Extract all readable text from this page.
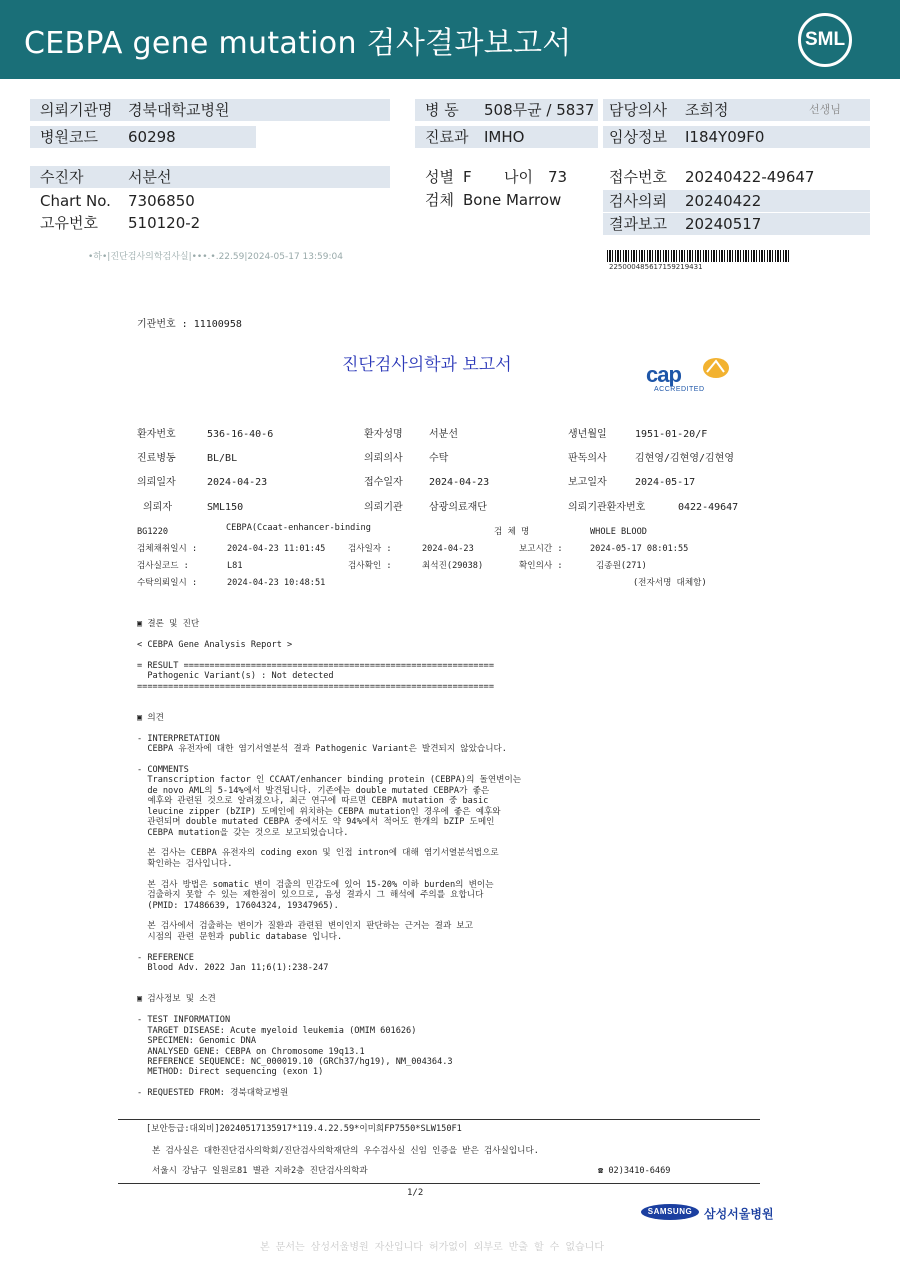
CEBPA gene mutation 검사결과보고서	SML
의뢰기관명 경북대학교병원	병 동 508무균 / 5837 담당의사 조희정	선생님
병원코드 60298	진료과 IMHO	임상정보 I184Y09F0
수진자	서분선	성별 F 나이 73	접수번호 20240422-49647
Chart No. 7306850	검체 Bone Marrow	검사의뢰 20240422
고유번호 510120-2	결과보고 20240517
•하•|진단검사의학검사실|•••.•.22.59|2024-05-17 13:59:04
225000485617159219431
기관번호 : 11100958
진단검사의학과 보고서	cap
ACCREDITED
환자번호	536-16-40-6	환자성명	서분선	생년월일	1951-01-20/F
진료병동	BL/BL	의뢰의사	수탁	판독의사	김현영/김현영/김현영
의뢰일자	2024-04-23	접수일자	2024-04-23	보고일자	2024-05-17
의뢰자	SML150	의뢰기관	삼광의료재단	의뢰기관환자번호	0422-49647
BG1220	CEBPA(Ccaat-enhancer-binding	검 체 명	WHOLE BLOOD
검체채취일시 :	2024-04-23 11:01:45	검사일자 :	2024-04-23	보고시간 :	2024-05-17 08:01:55
검사실코드 :	L81	검사확인 :	최석진(29038)	확인의사 :	김종원(271)
수탁의뢰일시 :	2024-04-23 10:48:51	(전자서명 대체함)
▣ 결론 및 진단
< CEBPA Gene Analysis Report >
= RESULT ============================================================
Pathogenic Variant(s) : Not detected
=====================================================================
▣ 의견
- INTERPRETATION
CEBPA 유전자에 대한 염기서열분석 결과 Pathogenic Variant은 발견되지 않았습니다.
- COMMENTS
Transcription factor 인 CCAAT/enhancer binding protein (CEBPA)의 돌연변이는
de novo AML의 5-14%에서 발견됩니다. 기존에는 double mutated CEBPA가 좋은
예후와 관련된 것으로 알려졌으나, 최근 연구에 따르면 CEBPA mutation 중 basic
leucine zipper (bZIP) 도메인에 위치하는 CEBPA mutation인 경우에 좋은 예후와
관련되며 double mutated CEBPA 중에서도 약 94%에서 적어도 한개의 bZIP 도메인
CEBPA mutation을 갖는 것으로 보고되었습니다.
본 검사는 CEBPA 유전자의 coding exon 및 인접 intron에 대해 염기서열분석법으로
확인하는 검사입니다.
본 검사 방법은 somatic 변이 검출의 민감도에 있어 15-20% 이하 burden의 변이는
검출하지 못할 수 있는 제한점이 있으므로, 음성 결과시 그 해석에 주의를 요합니다
(PMID: 17486639, 17604324, 19347965).
본 검사에서 검출하는 변이가 질환과 관련된 변이인지 판단하는 근거는 결과 보고
시점의 관련 문헌과 public database 입니다.
- REFERENCE
Blood Adv. 2022 Jan 11;6(1):238-247
▣ 검사정보 및 소견
- TEST INFORMATION
TARGET DISEASE: Acute myeloid leukemia (OMIM 601626)
SPECIMEN: Genomic DNA
ANALYSED GENE: CEBPA on Chromosome 19q13.1
REFERENCE SEQUENCE: NC_000019.10 (GRCh37/hg19), NM_004364.3
METHOD: Direct sequencing (exon 1)
- REQUESTED FROM: 경북대학교병원
[보안등급:대외비]20240517135917*119.4.22.59*이미희FP7550*SLW150F1
본 검사실은 대한진단검사의학회/진단검사의학재단의 우수검사실 신임 인증을 받은 검사실입니다.
서울시 강남구 일원로81 별관 지하2층 진단검사의학과	☎ 02)3410-6469
1/2
SAMSUNG 삼성서울병원
본 문서는 삼성서울병원 자산입니다 허가없이 외부로 반출 할 수 없습니다
